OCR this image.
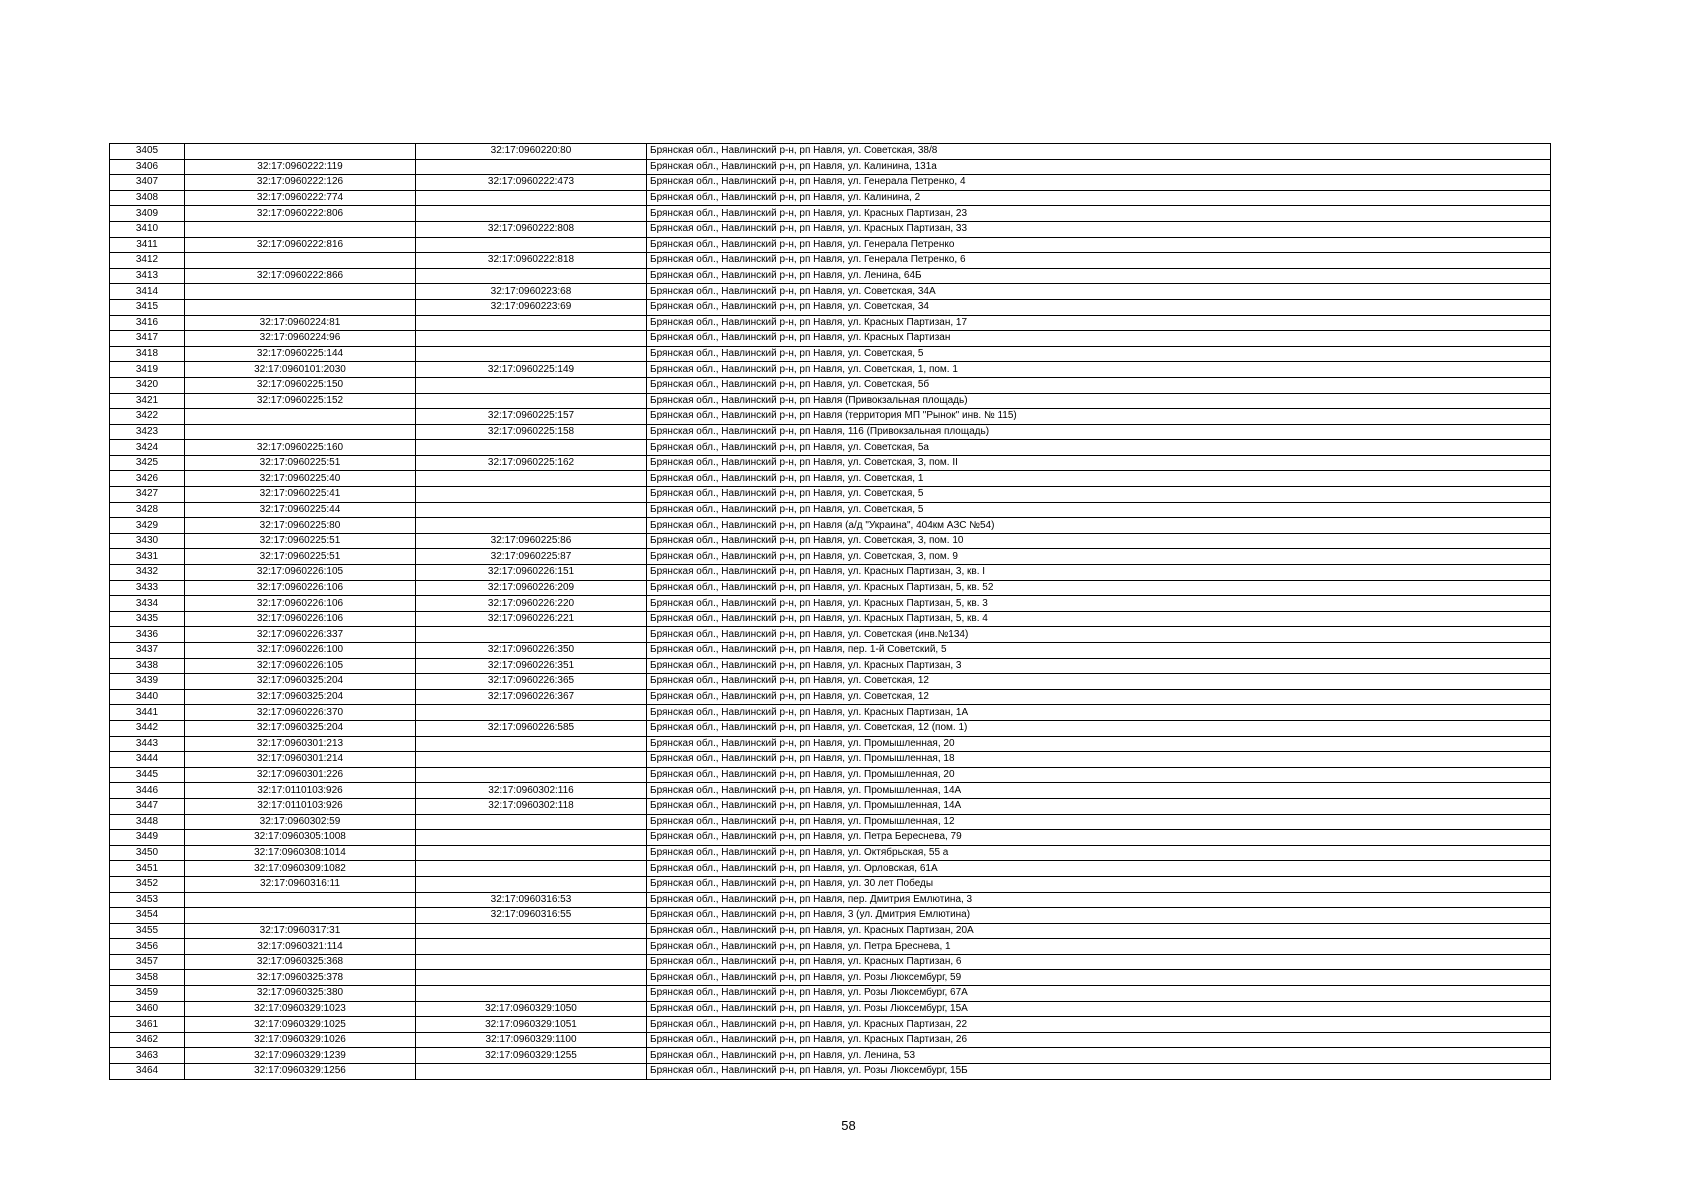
3405		32:17:0960220:80	Брянская обл., Навлинский р-н, рп Навля, ул. Советская, 38/8
3406	32:17:0960222:119		Брянская обл., Навлинский р-н, рп Навля, ул. Калинина, 131а
3407	32:17:0960222:126	32:17:0960222:473	Брянская обл., Навлинский р-н, рп Навля, ул. Генерала Петренко, 4
3408	32:17:0960222:774		Брянская обл., Навлинский р-н, рп Навля, ул. Калинина, 2
3409	32:17:0960222:806		Брянская обл., Навлинский р-н, рп Навля, ул. Красных Партизан, 23
3410		32:17:0960222:808	Брянская обл., Навлинский р-н, рп Навля, ул. Красных Партизан, 33
3411	32:17:0960222:816		Брянская обл., Навлинский р-н, рп Навля, ул. Генерала Петренко
3412		32:17:0960222:818	Брянская обл., Навлинский р-н, рп Навля, ул. Генерала Петренко, 6
3413	32:17:0960222:866		Брянская обл., Навлинский р-н, рп Навля, ул. Ленина, 64Б
3414		32:17:0960223:68	Брянская обл., Навлинский р-н, рп Навля, ул. Советская, 34А
3415		32:17:0960223:69	Брянская обл., Навлинский р-н, рп Навля, ул. Советская, 34
3416	32:17:0960224:81		Брянская обл., Навлинский р-н, рп Навля, ул. Красных Партизан, 17
3417	32:17:0960224:96		Брянская обл., Навлинский р-н, рп Навля, ул. Красных Партизан
3418	32:17:0960225:144		Брянская обл., Навлинский р-н, рп Навля, ул. Советская, 5
3419	32:17:0960101:2030	32:17:0960225:149	Брянская обл., Навлинский р-н, рп Навля, ул. Советская, 1, пом. 1
3420	32:17:0960225:150		Брянская обл., Навлинский р-н, рп Навля, ул. Советская, 5б
3421	32:17:0960225:152		Брянская обл., Навлинский р-н, рп Навля (Привокзальная площадь)
3422		32:17:0960225:157	Брянская обл., Навлинский р-н, рп Навля (территория МП "Рынок" инв. № 115)
3423		32:17:0960225:158	Брянская обл., Навлинский р-н, рп Навля, 116 (Привокзальная площадь)
3424	32:17:0960225:160		Брянская обл., Навлинский р-н, рп Навля, ул. Советская, 5а
3425	32:17:0960225:51	32:17:0960225:162	Брянская обл., Навлинский р-н, рп Навля, ул. Советская, 3, пом. II
3426	32:17:0960225:40		Брянская обл., Навлинский р-н, рп Навля, ул. Советская, 1
3427	32:17:0960225:41		Брянская обл., Навлинский р-н, рп Навля, ул. Советская, 5
3428	32:17:0960225:44		Брянская обл., Навлинский р-н, рп Навля, ул. Советская, 5
3429	32:17:0960225:80		Брянская обл., Навлинский р-н, рп Навля (а/д "Украина", 404км АЗС №54)
3430	32:17:0960225:51	32:17:0960225:86	Брянская обл., Навлинский р-н, рп Навля, ул. Советская, 3, пом. 10
3431	32:17:0960225:51	32:17:0960225:87	Брянская обл., Навлинский р-н, рп Навля, ул. Советская, 3, пом. 9
3432	32:17:0960226:105	32:17:0960226:151	Брянская обл., Навлинский р-н, рп Навля, ул. Красных Партизан, 3, кв. I
3433	32:17:0960226:106	32:17:0960226:209	Брянская обл., Навлинский р-н, рп Навля, ул. Красных Партизан, 5, кв. 52
3434	32:17:0960226:106	32:17:0960226:220	Брянская обл., Навлинский р-н, рп Навля, ул. Красных Партизан, 5, кв. 3
3435	32:17:0960226:106	32:17:0960226:221	Брянская обл., Навлинский р-н, рп Навля, ул. Красных Партизан, 5, кв. 4
3436	32:17:0960226:337		Брянская обл., Навлинский р-н, рп Навля, ул. Советская (инв.№134)
3437	32:17:0960226:100	32:17:0960226:350	Брянская обл., Навлинский р-н, рп Навля, пер. 1-й Советский, 5
3438	32:17:0960226:105	32:17:0960226:351	Брянская обл., Навлинский р-н, рп Навля, ул. Красных Партизан, 3
3439	32:17:0960325:204	32:17:0960226:365	Брянская обл., Навлинский р-н, рп Навля, ул. Советская, 12
3440	32:17:0960325:204	32:17:0960226:367	Брянская обл., Навлинский р-н, рп Навля, ул. Советская, 12
3441	32:17:0960226:370		Брянская обл., Навлинский р-н, рп Навля, ул. Красных Партизан, 1А
3442	32:17:0960325:204	32:17:0960226:585	Брянская обл., Навлинский р-н, рп Навля, ул. Советская, 12 (пом. 1)
3443	32:17:0960301:213		Брянская обл., Навлинский р-н, рп Навля, ул. Промышленная, 20
3444	32:17:0960301:214		Брянская обл., Навлинский р-н, рп Навля, ул. Промышленная, 18
3445	32:17:0960301:226		Брянская обл., Навлинский р-н, рп Навля, ул. Промышленная, 20
3446	32:17:0110103:926	32:17:0960302:116	Брянская обл., Навлинский р-н, рп Навля, ул. Промышленная, 14А
3447	32:17:0110103:926	32:17:0960302:118	Брянская обл., Навлинский р-н, рп Навля, ул. Промышленная, 14А
3448	32:17:0960302:59		Брянская обл., Навлинский р-н, рп Навля, ул. Промышленная, 12
3449	32:17:0960305:1008		Брянская обл., Навлинский р-н, рп Навля, ул. Петра Береснева, 79
3450	32:17:0960308:1014		Брянская обл., Навлинский р-н, рп Навля, ул. Октябрьская, 55 а
3451	32:17:0960309:1082		Брянская обл., Навлинский р-н, рп Навля, ул. Орловская, 61А
3452	32:17:0960316:11		Брянская обл., Навлинский р-н, рп Навля, ул. 30 лет Победы
3453		32:17:0960316:53	Брянская обл., Навлинский р-н, рп Навля, пер. Дмитрия Емлютина, 3
3454		32:17:0960316:55	Брянская обл., Навлинский р-н, рп Навля, 3 (ул. Дмитрия Емлютина)
3455	32:17:0960317:31		Брянская обл., Навлинский р-н, рп Навля, ул. Красных Партизан, 20А
3456	32:17:0960321:114		Брянская обл., Навлинский р-н, рп Навля, ул. Петра Бреснева, 1
3457	32:17:0960325:368		Брянская обл., Навлинский р-н, рп Навля, ул. Красных Партизан, 6
3458	32:17:0960325:378		Брянская обл., Навлинский р-н, рп Навля, ул. Розы Люксембург, 59
3459	32:17:0960325:380		Брянская обл., Навлинский р-н, рп Навля, ул. Розы Люксембург, 67А
3460	32:17:0960329:1023	32:17:0960329:1050	Брянская обл., Навлинский р-н, рп Навля, ул. Розы Люксембург, 15А
3461	32:17:0960329:1025	32:17:0960329:1051	Брянская обл., Навлинский р-н, рп Навля, ул. Красных Партизан, 22
3462	32:17:0960329:1026	32:17:0960329:1100	Брянская обл., Навлинский р-н, рп Навля, ул. Красных Партизан, 26
3463	32:17:0960329:1239	32:17:0960329:1255	Брянская обл., Навлинский р-н, рп Навля, ул. Ленина, 53
3464	32:17:0960329:1256		Брянская обл., Навлинский р-н, рп Навля, ул. Розы Люксембург, 15Б
58
